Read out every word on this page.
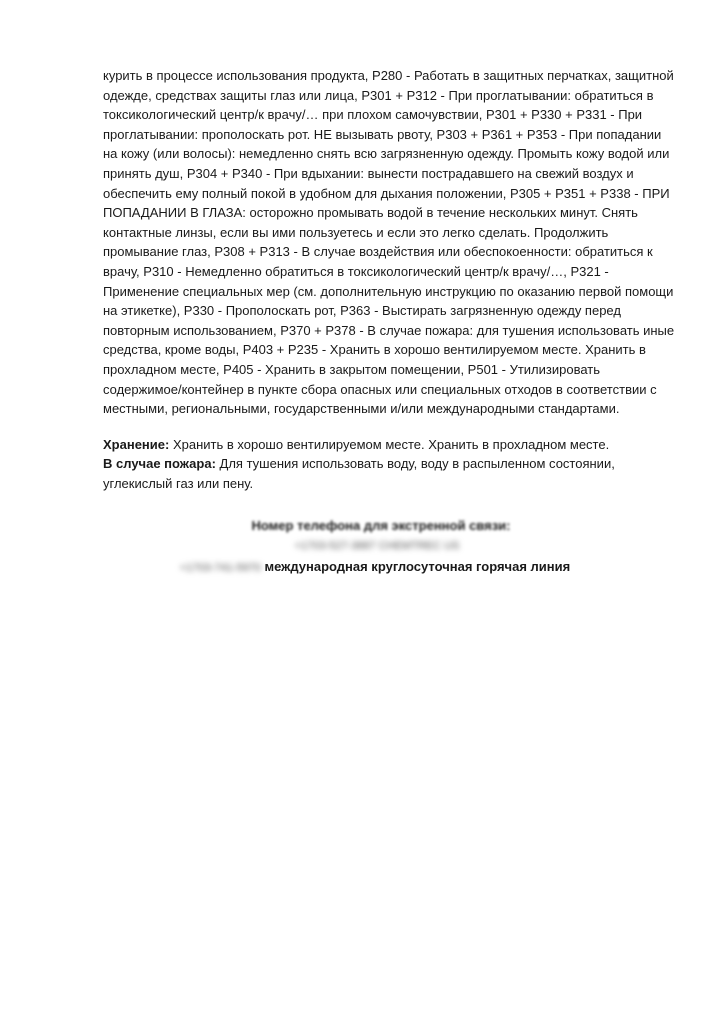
курить в процессе использования продукта, P280 - Работать в защитных перчатках, защитной одежде, средствах защиты глаз или лица, P301 + P312 - При проглатывании: обратиться в токсикологический центр/к врачу/… при плохом самочувствии, P301 + P330 + P331 - При проглатывании: прополоскать рот. НЕ вызывать рвоту, P303 + P361 + P353 - При попадании на кожу (или волосы): немедленно снять всю загрязненную одежду. Промыть кожу водой или принять душ, P304 + P340 - При вдыхании: вынести пострадавшего на свежий воздух и обеспечить ему полный покой в удобном для дыхания положении, P305 + P351 + P338 - ПРИ ПОПАДАНИИ В ГЛАЗА: осторожно промывать водой в течение нескольких минут. Снять контактные линзы, если вы ими пользуетесь и если это легко сделать. Продолжить промывание глаз, P308 + P313 - В случае воздействия или обеспокоенности: обратиться к врачу, P310 - Немедленно обратиться в токсикологический центр/к врачу/…, P321 - Применение специальных мер (см. дополнительную инструкцию по оказанию первой помощи на этикетке), P330 - Прополоскать рот, P363 - Выстирать загрязненную одежду перед повторным использованием, P370 + P378 - В случае пожара: для тушения использовать иные средства, кроме воды, P403 + P235 - Хранить в хорошо вентилируемом месте. Хранить в прохладном месте, P405 - Хранить в закрытом помещении, P501 - Утилизировать содержимое/контейнер в пункте сбора опасных или специальных отходов в соответствии с местными, региональными, государственными и/или международными стандартами.

Хранение: Хранить в хорошо вентилируемом месте. Хранить в прохладном месте.

В случае пожара: Для тушения использовать воду, воду в распыленном состоянии, углекислый газ или пену.

Номер телефона для экстренной связи:
+1703-527-3887 CHEMTREC US
+1703-741-5970 международная круглосуточная горячая линия
